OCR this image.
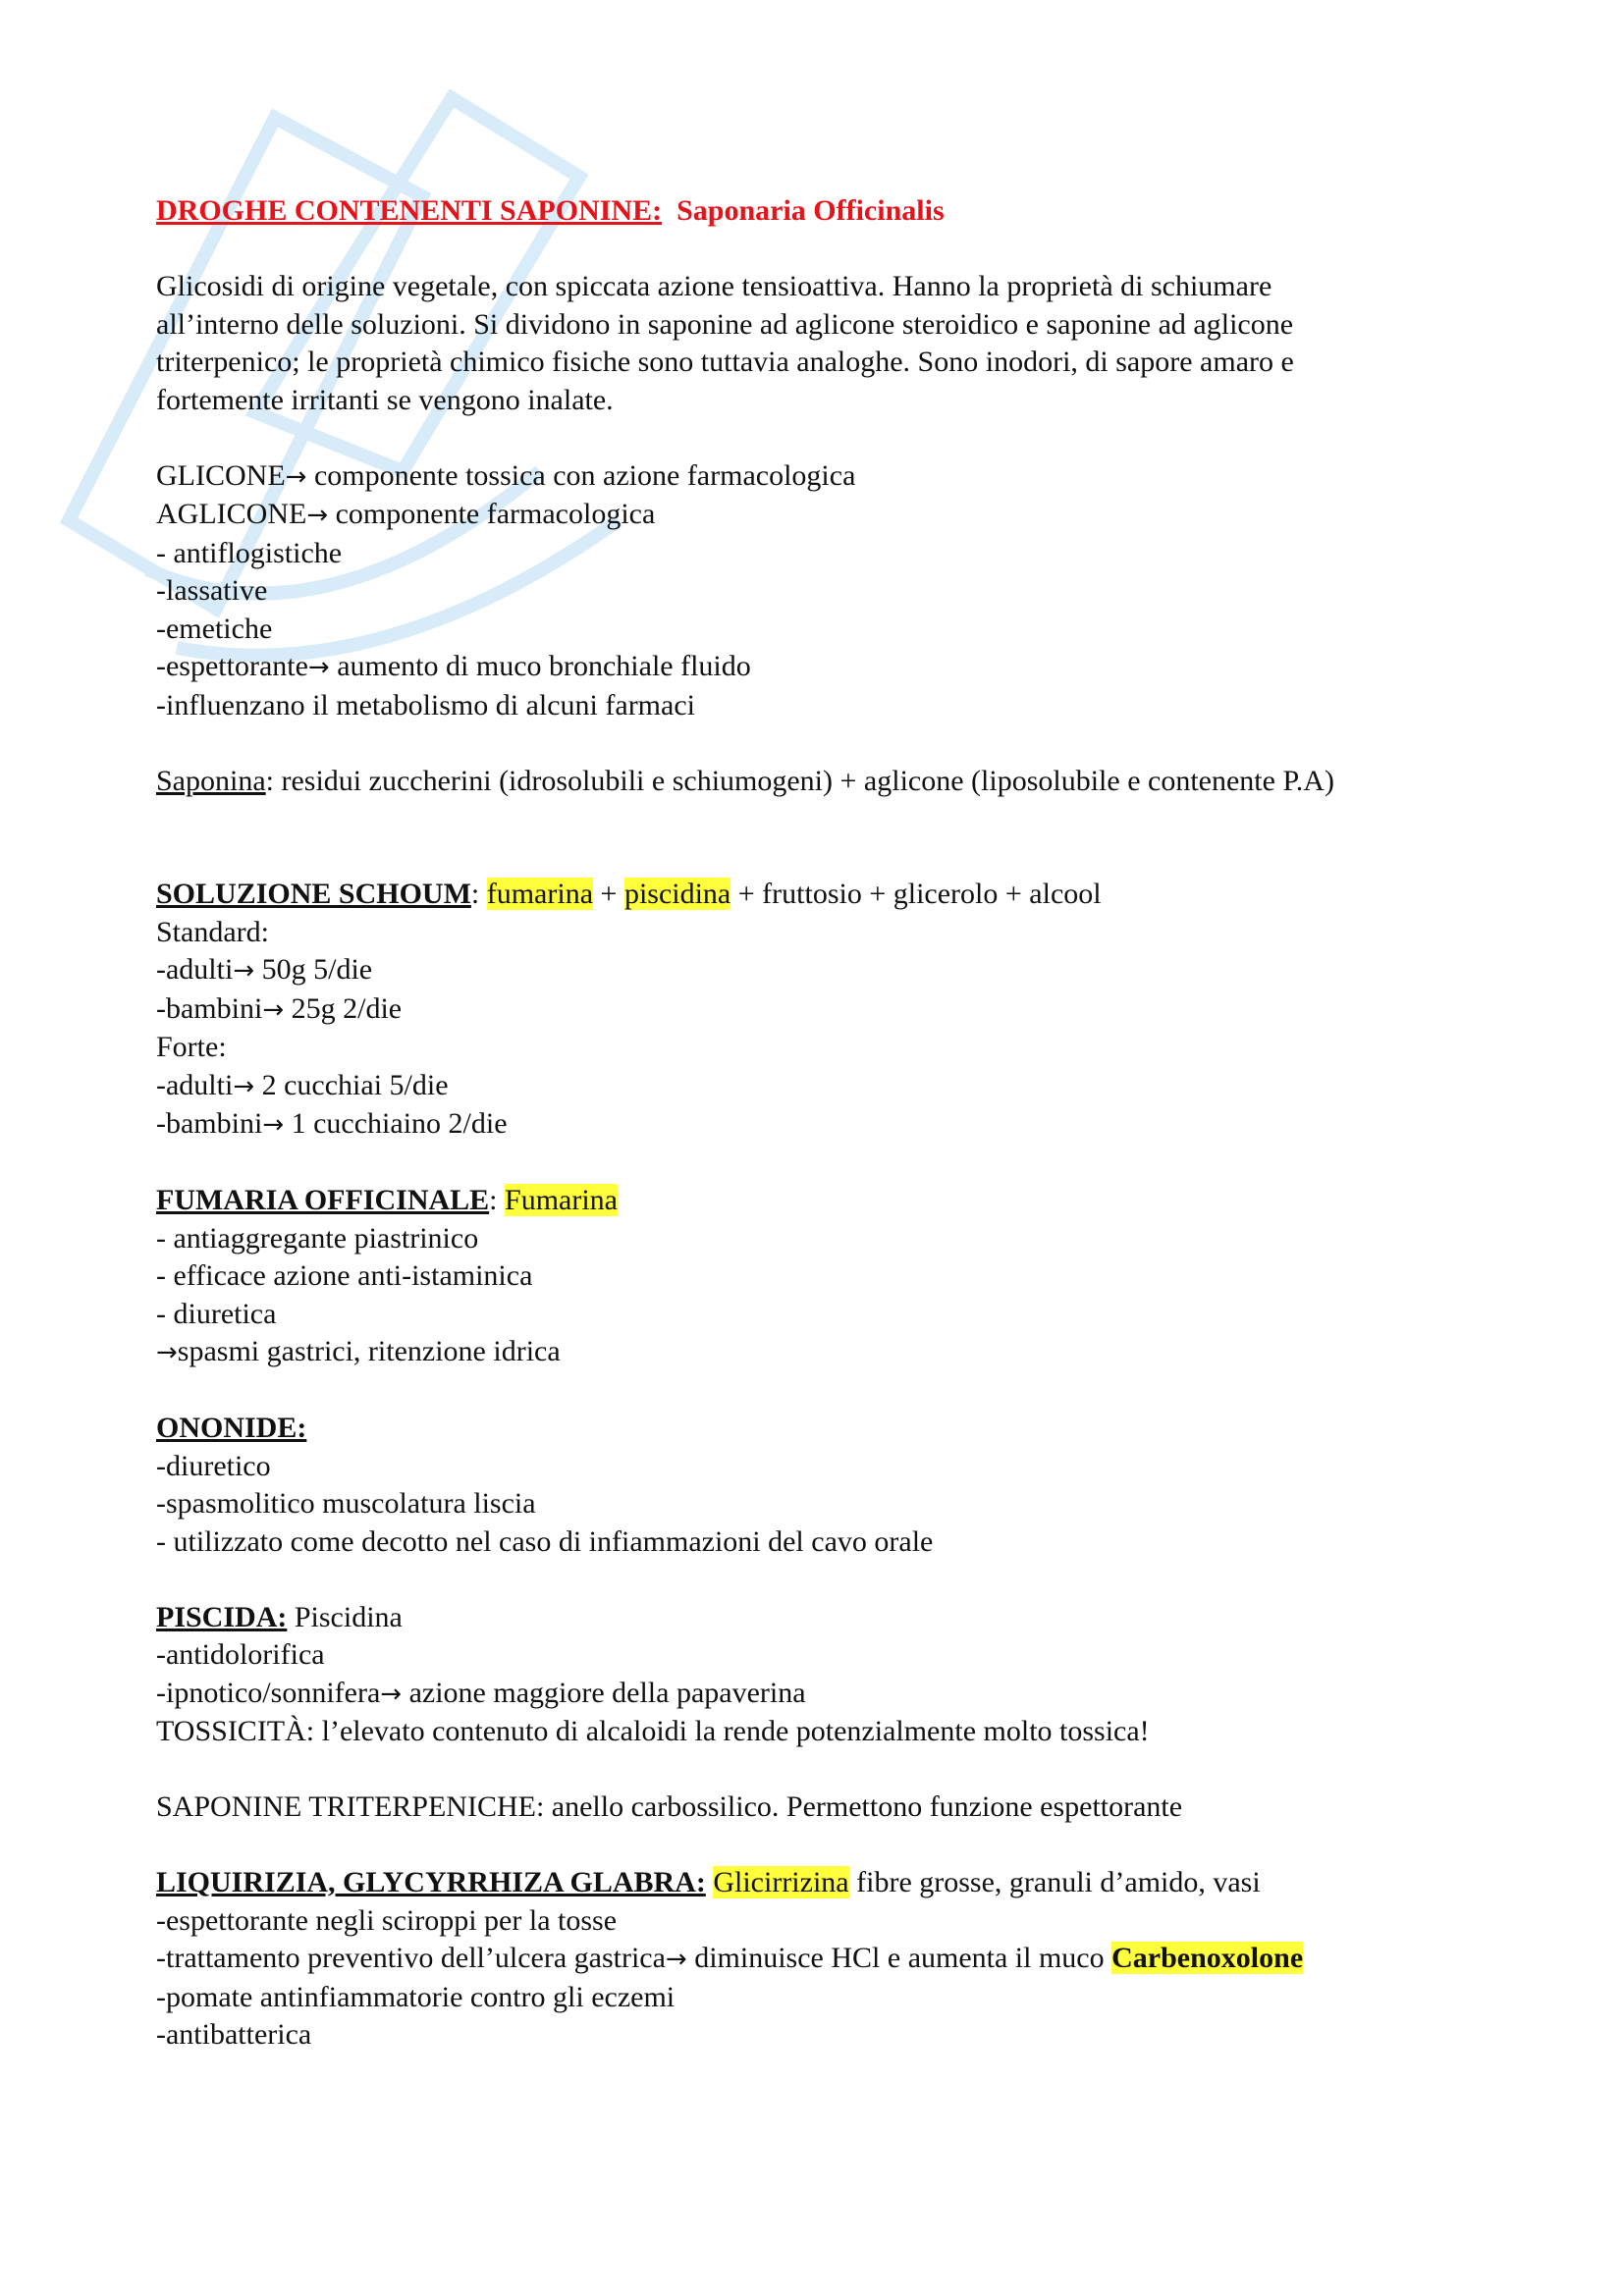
DROGHE CONTENENTI SAPONINE: Saponaria Officinalis
Glicosidi di origine vegetale, con spiccata azione tensioattiva. Hanno la proprietà di schiumare
all’interno delle soluzioni. Si dividono in saponine ad aglicone steroidico e saponine ad aglicone
triterpenico; le proprietà chimico fisiche sono tuttavia analoghe. Sono inodori, di sapore amaro e
fortemente irritanti se vengono inalate.
GLICONE→ componente tossica con azione farmacologica
AGLICONE→ componente farmacologica
- antiflogistiche
-lassative
-emetiche
-espettorante→ aumento di muco bronchiale fluido
-influenzano il metabolismo di alcuni farmaci
Saponina: residui zuccherini (idrosolubili e schiumogeni) + aglicone (liposolubile e contenente P.A)
SOLUZIONE SCHOUM: fumarina + piscidina + fruttosio + glicerolo + alcool
Standard:
-adulti→ 50g 5/die
-bambini→ 25g 2/die
Forte:
-adulti→ 2 cucchiai 5/die
-bambini→ 1 cucchiaino 2/die
FUMARIA OFFICINALE: Fumarina
- antiaggregante piastrinico
- efficace azione anti-istaminica
- diuretica
→spasmi gastrici, ritenzione idrica
ONONIDE:
-diuretico
-spasmolitico muscolatura liscia
- utilizzato come decotto nel caso di infiammazioni del cavo orale
PISCIDA: Piscidina
-antidolorifica
-ipnotico/sonnifera→ azione maggiore della papaverina
TOSSICITÀ: l’elevato contenuto di alcaloidi la rende potenzialmente molto tossica!
SAPONINE TRITERPENICHE: anello carbossilico. Permettono funzione espettorante
LIQUIRIZIA, GLYCYRRHIZA GLABRA: Glicirrizina fibre grosse, granuli d’amido, vasi
-espettorante negli sciroppi per la tosse
-trattamento preventivo dell’ulcera gastrica→ diminuisce HCl e aumenta il muco Carbenoxolone
-pomate antinfiammatorie contro gli eczemi
-antibatterica
